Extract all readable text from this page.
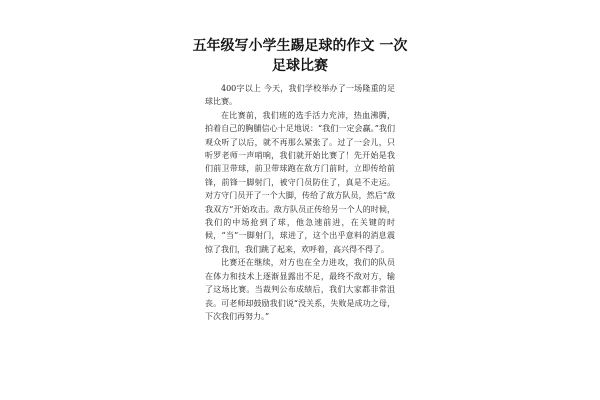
五年级写小学生踢足球的作文 一次
足球比赛

400字以上 今天，我们学校举办了一场隆重的足球比赛。

在比赛前，我们班的选手活力充沛，热血沸腾，拍着自己的胸脯信心十足地说：“我们一定会赢。”我们观众听了以后，就不再那么紧张了。过了一会儿，只听罗老师一声哨响，我们就开始比赛了！先开始是我们前卫带球，前卫带球跑在敌方门前时，立即传给前锋，前锋一脚射门，被守门员防住了，真是不走运。对方守门员开了一个大脚，传给了敌方队员，然后“敌我双方”开始攻击。敌方队员正传给另一个人的时候，我们的中场抢到了球，他急速前进，在关键的时候，“当”一脚射门，球进了，这个出乎意料的消息震惊了我们，我们跳了起来，欢呼着，高兴得不得了。

比赛还在继续，对方也在全力进攻，我们的队员在体力和技术上逐渐显露出不足，最终不敌对方，输了这场比赛。当裁判公布成绩后，我们大家都非常沮丧。可老师却鼓励我们说“没关系，失败是成功之母，下次我们再努力。”
